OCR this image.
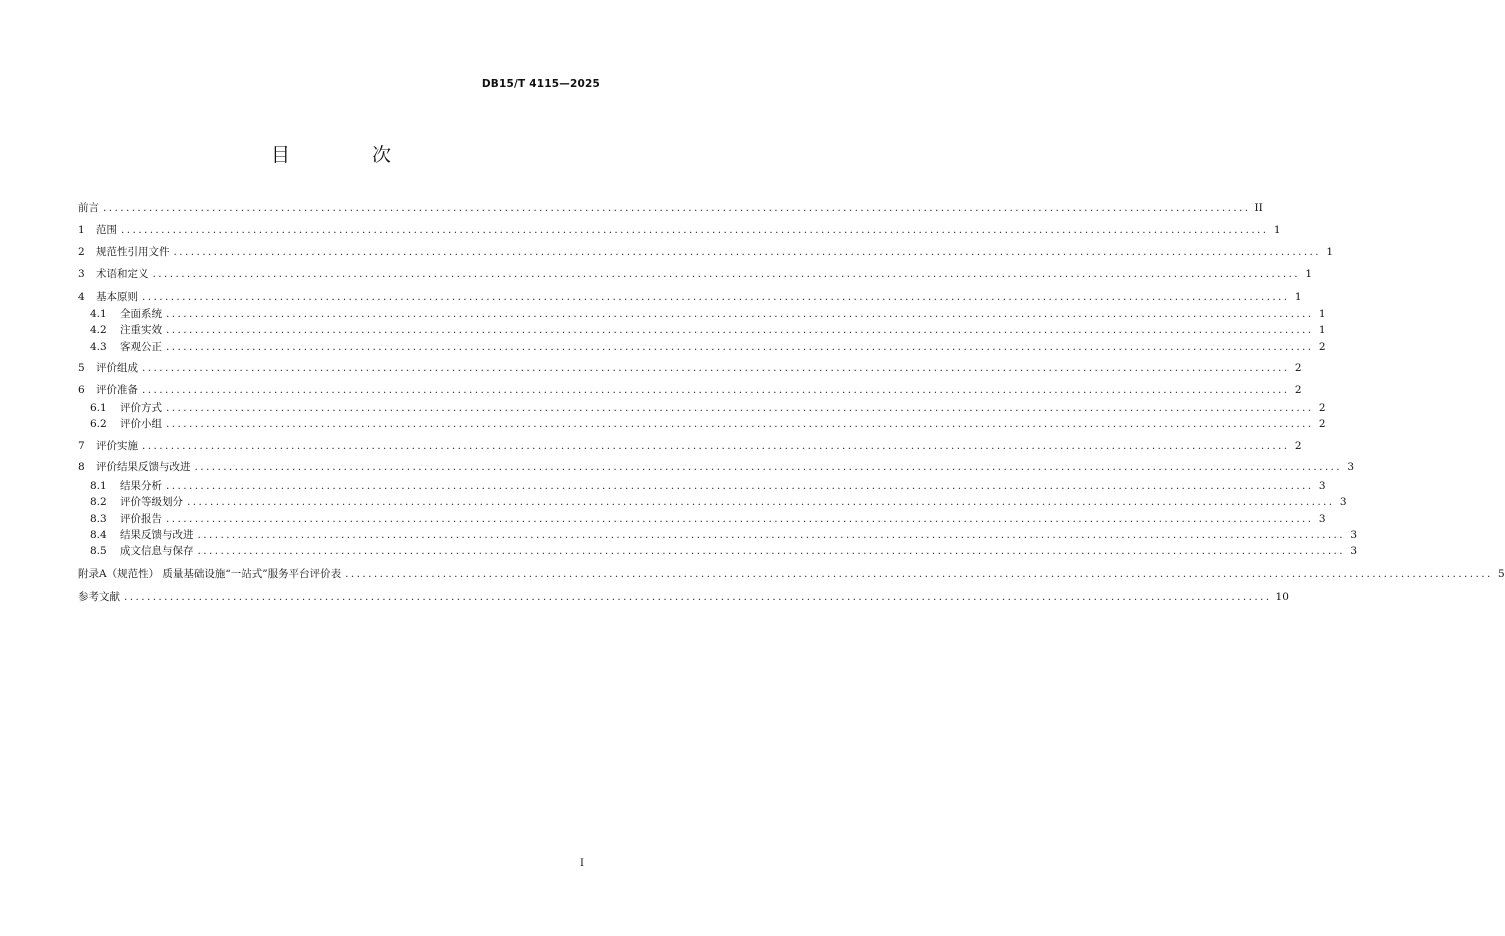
DB15/T 4115—2025
目 次
前言 ........................................................................................................................................................................................................ II
1 范围 ........................................................................................................................................................................................................ 1
2 规范性引用文件 ........................................................................................................................................................................................................ 1
3 术语和定义 ........................................................................................................................................................................................................ 1
4 基本原则 ........................................................................................................................................................................................................ 1
4.1 全面系统 ........................................................................................................................................................................................................ 1
4.2 注重实效 ........................................................................................................................................................................................................ 1
4.3 客观公正 ........................................................................................................................................................................................................ 2
5 评价组成 ........................................................................................................................................................................................................ 2
6 评价准备 ........................................................................................................................................................................................................ 2
6.1 评价方式 ........................................................................................................................................................................................................ 2
6.2 评价小组 ........................................................................................................................................................................................................ 2
7 评价实施 ........................................................................................................................................................................................................ 2
8 评价结果反馈与改进 ........................................................................................................................................................................................................ 3
8.1 结果分析 ........................................................................................................................................................................................................ 3
8.2 评价等级划分 ........................................................................................................................................................................................................ 3
8.3 评价报告 ........................................................................................................................................................................................................ 3
8.4 结果反馈与改进 ........................................................................................................................................................................................................ 3
8.5 成文信息与保存 ........................................................................................................................................................................................................ 3
附录A（规范性） 质量基础设施“一站式”服务平台评价表 ........................................................................................................................................................................................................ 5
参考文献 ........................................................................................................................................................................................................ 10
I
